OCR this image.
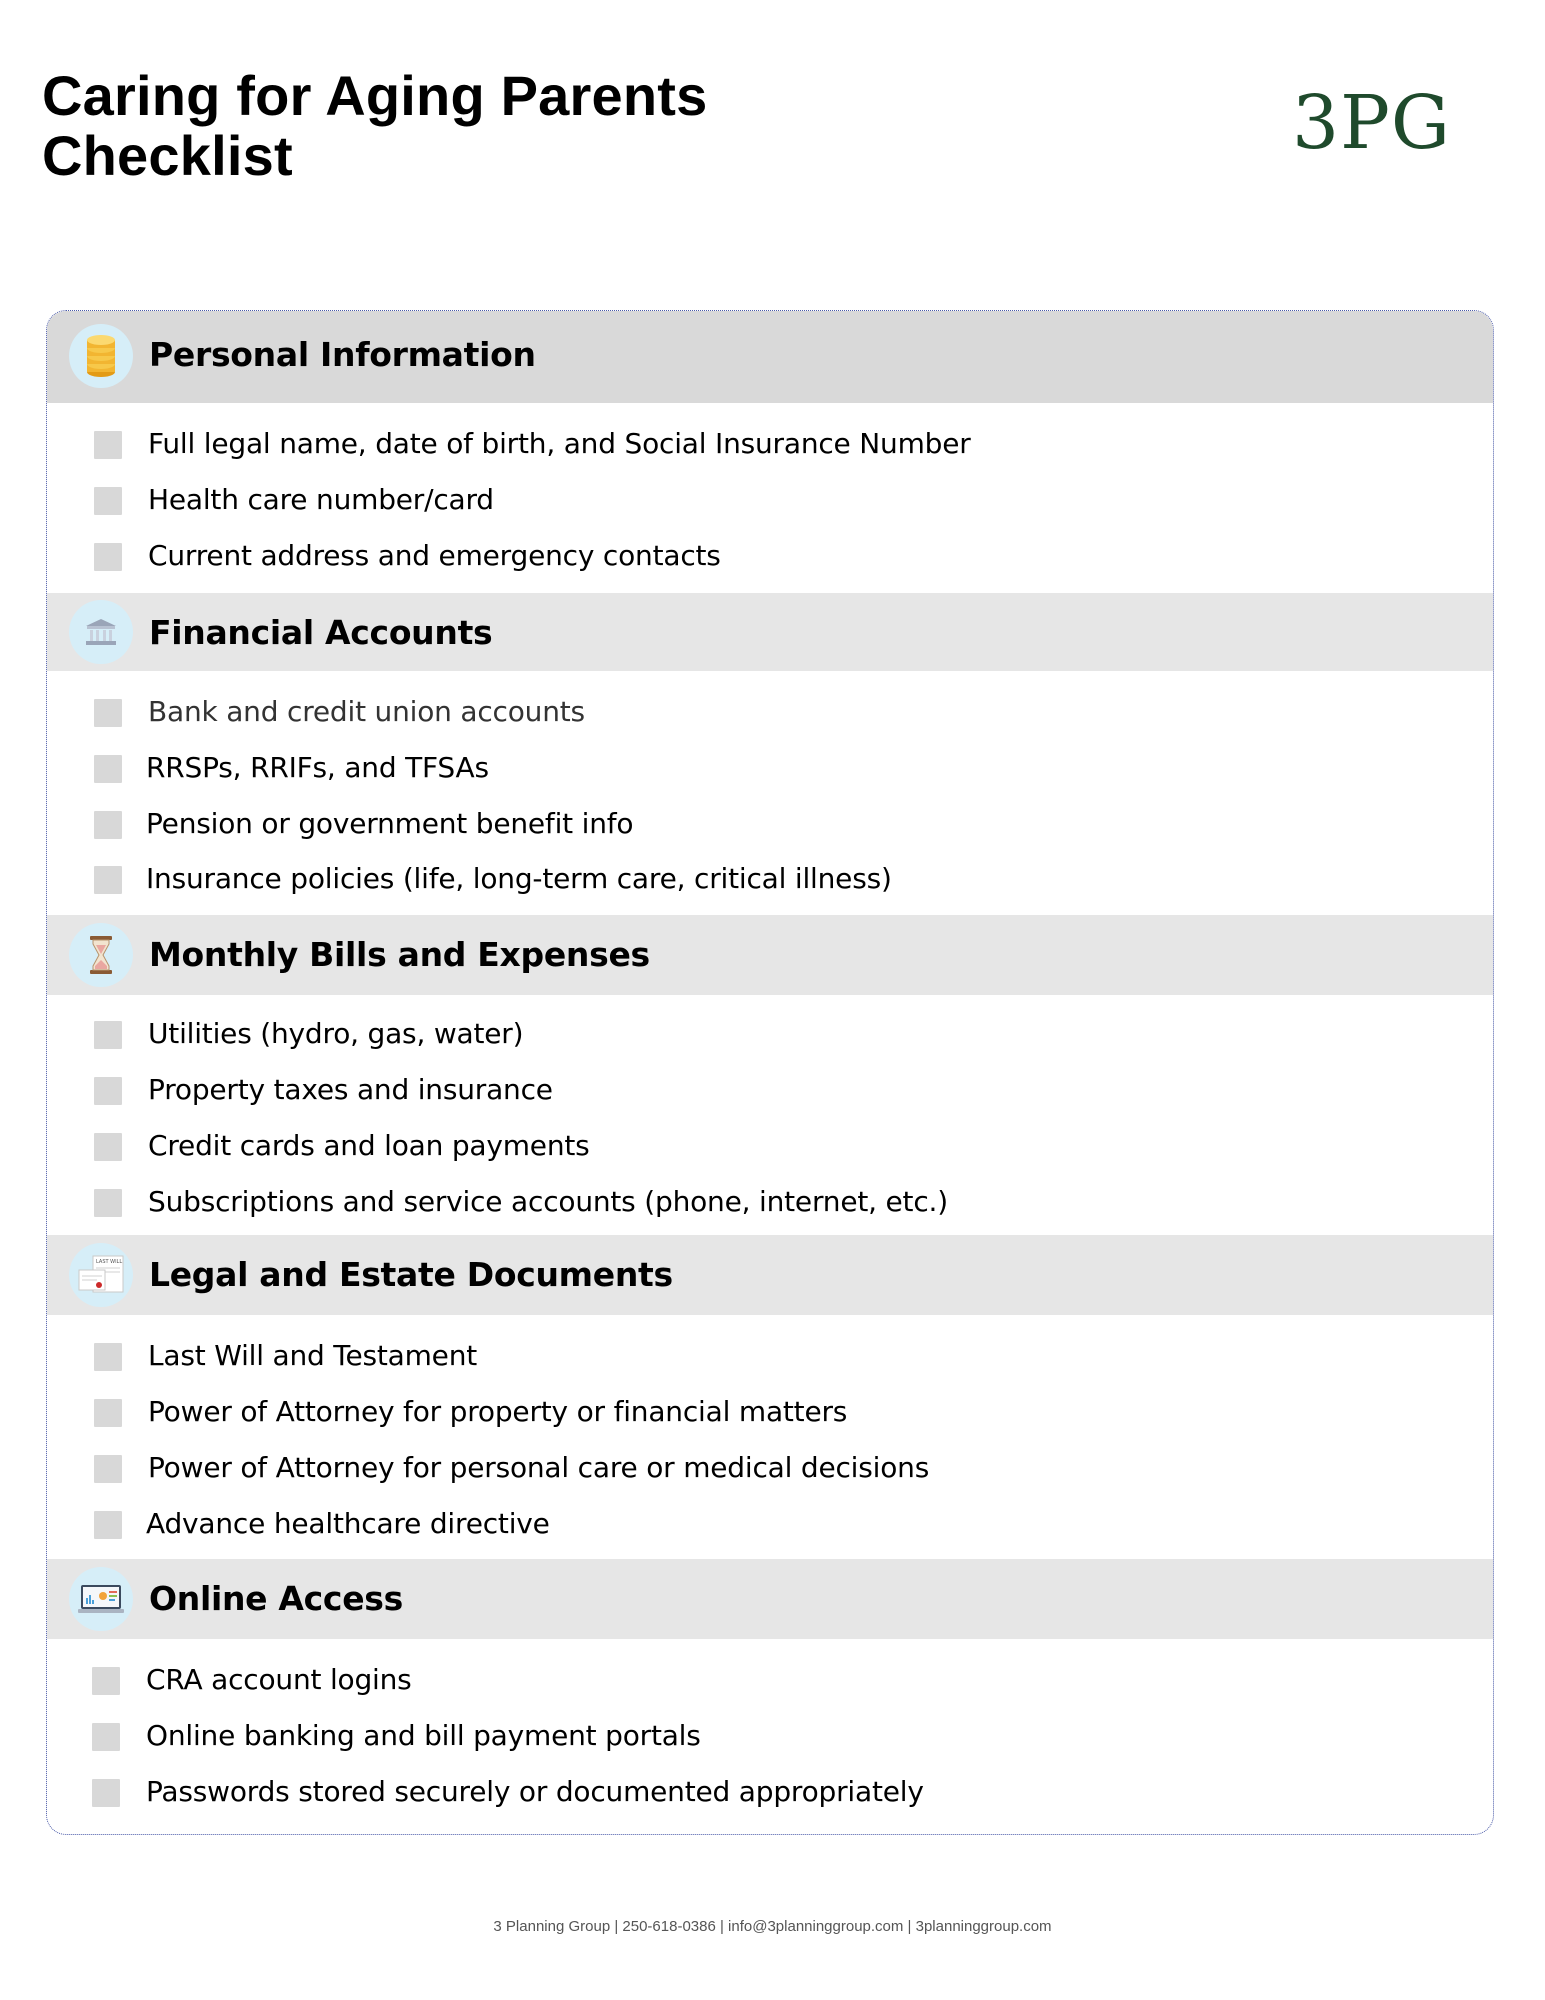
Caring for Aging Parents
Checklist	3PG
Personal Information
Full legal name, date of birth, and Social Insurance Number
Health care number/card
Current address and emergency contacts
Financial Accounts
Bank and credit union accounts
RRSPs, RRIFs, and TFSAs
Pension or government benefit info
Insurance policies (life, long-term care, critical illness)
Monthly Bills and Expenses
Utilities (hydro, gas, water)
Property taxes and insurance
Credit cards and loan payments
Subscriptions and service accounts (phone, internet, etc.)
LAST WILL Legal and Estate Documents
Last Will and Testament
Power of Attorney for property or financial matters
Power of Attorney for personal care or medical decisions
Advance healthcare directive
Online Access
CRA account logins
Online banking and bill payment portals
Passwords stored securely or documented appropriately
3 Planning Group | 250-618-0386 | info@3planninggroup.com | 3planninggroup.com
